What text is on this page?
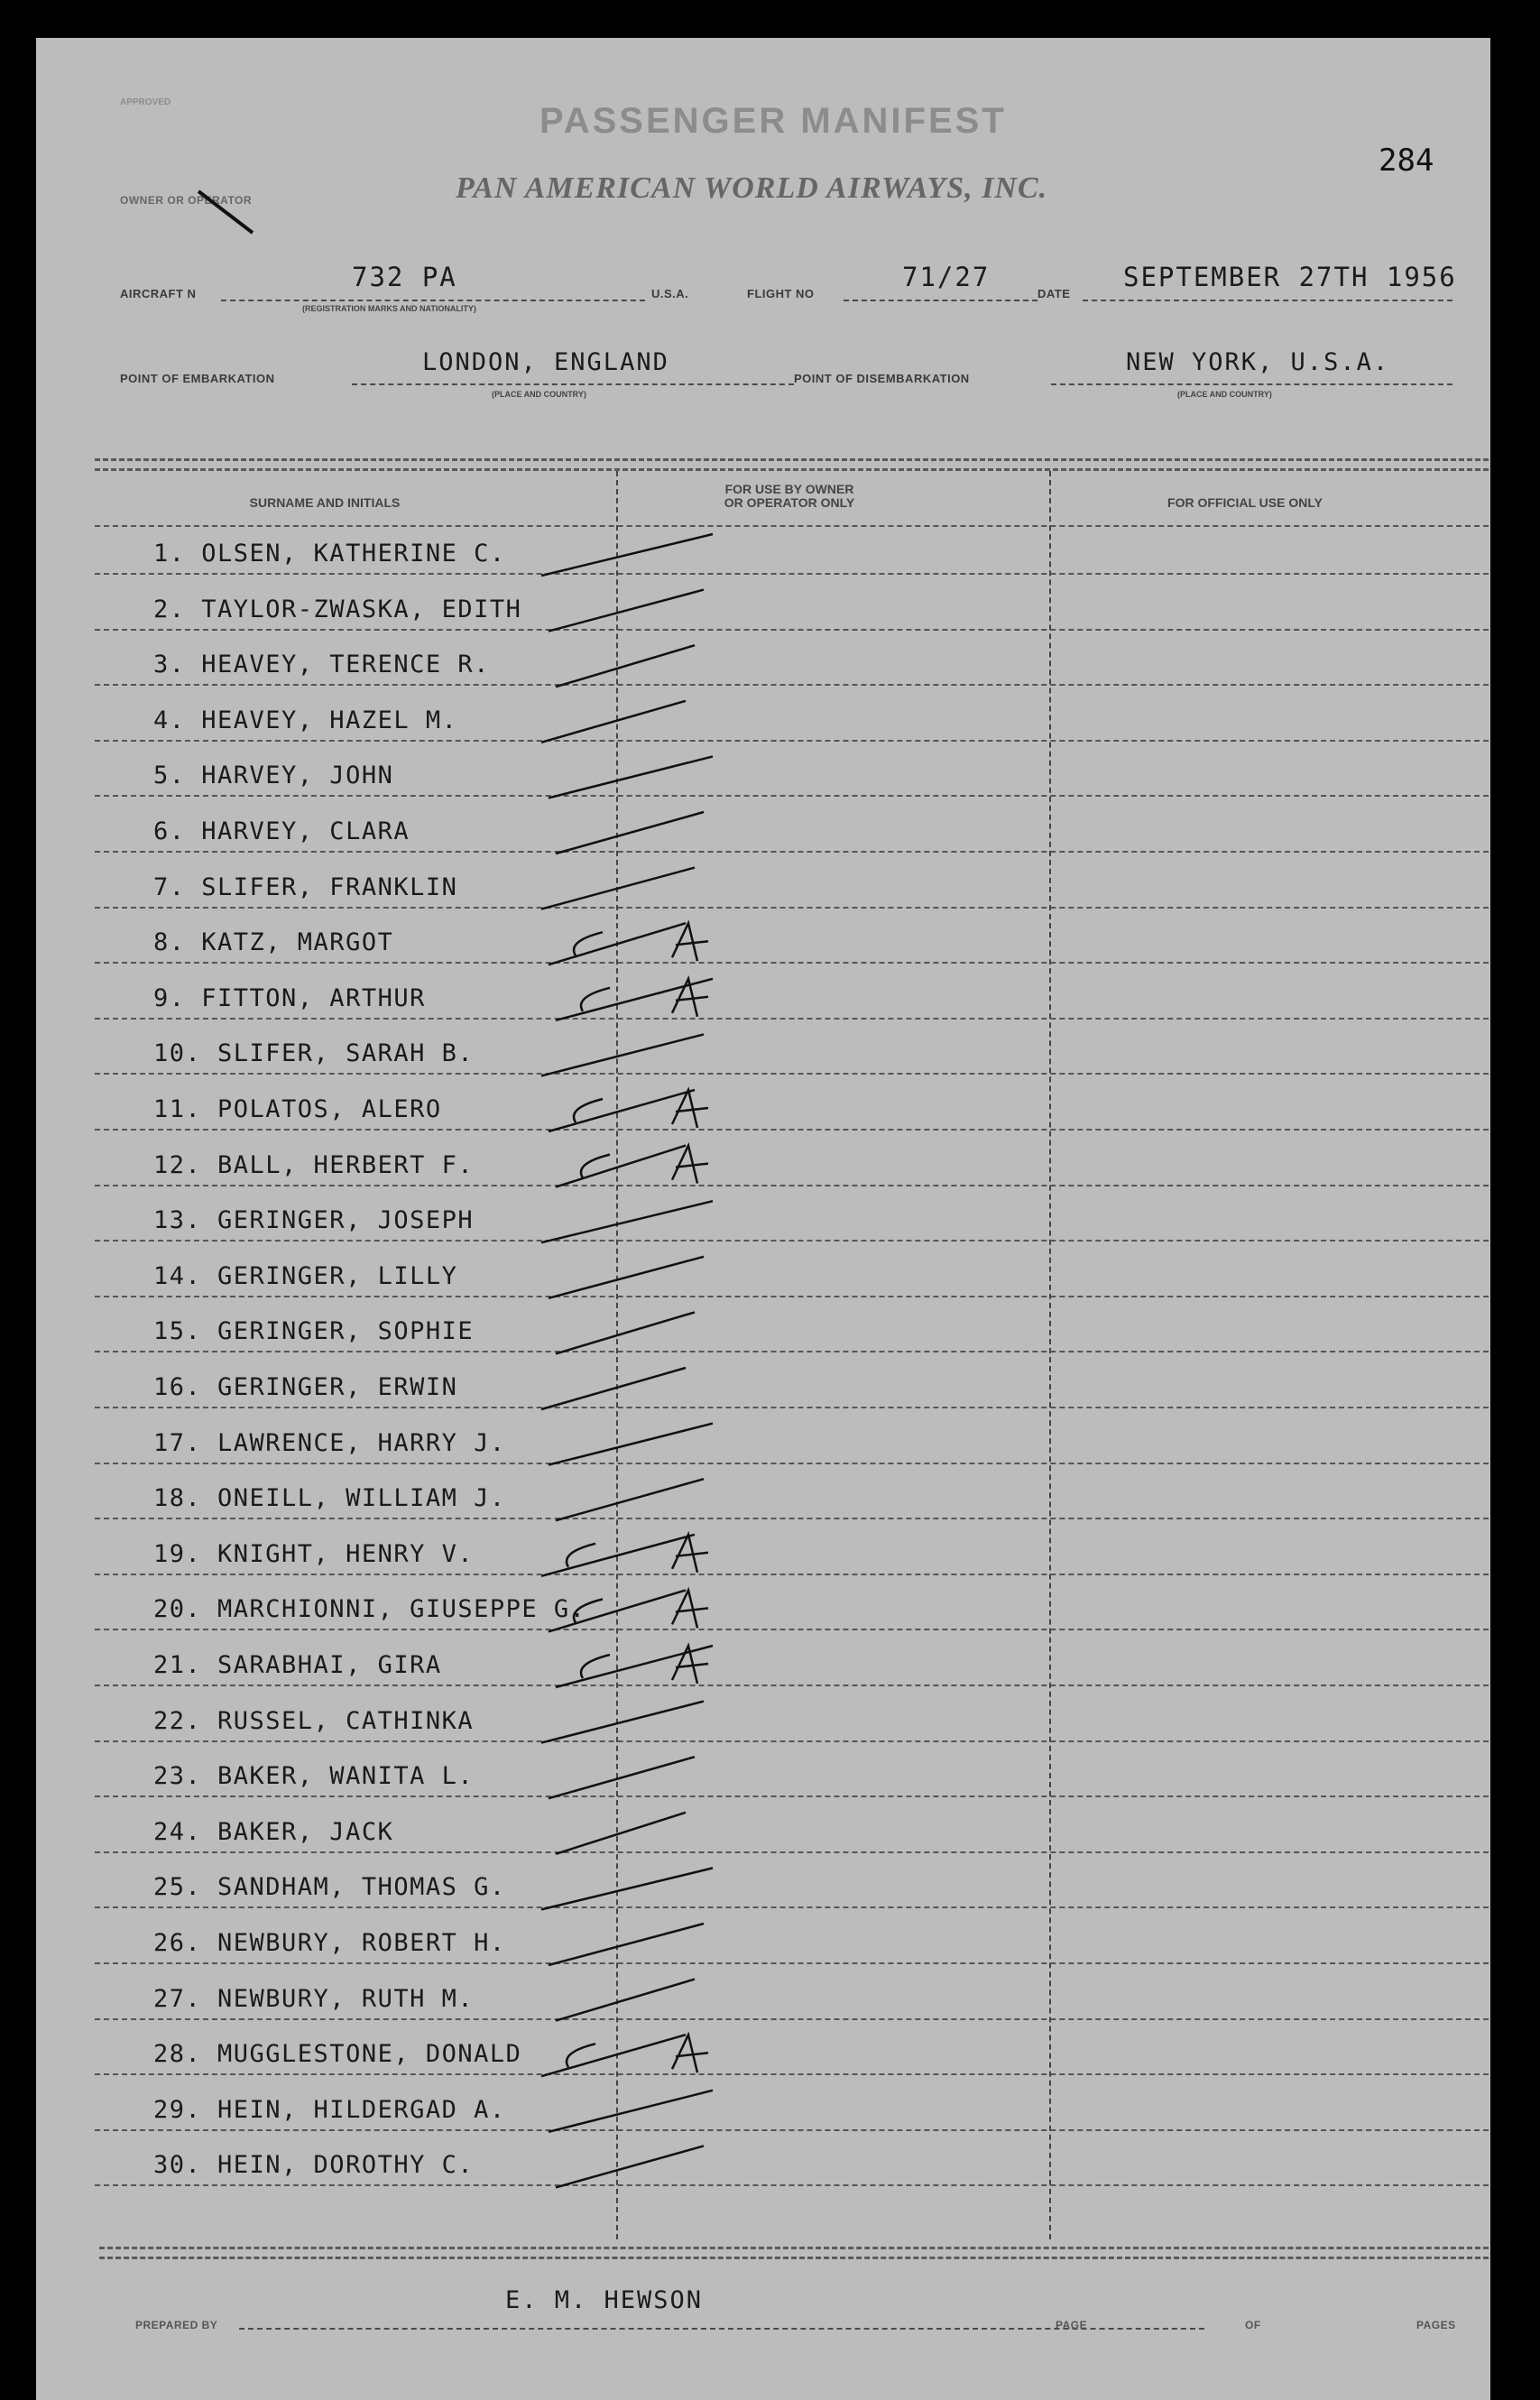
APPROVED	PASSENGER MANIFEST
PAN AMERICAN WORLD AIRWAYS, INC.
284
OWNER OR OPERATOR
AIRCRAFT N
732 PA
(REGISTRATION MARKS AND NATIONALITY)
U.S.A.	FLIGHT NO
71/27
DATE
SEPTEMBER 27TH 1956
POINT OF EMBARKATION
LONDON, ENGLAND
(PLACE AND COUNTRY)
POINT OF DISEMBARKATION
NEW YORK, U.S.A.
(PLACE AND COUNTRY)
SURNAME AND INITIALS
FOR USE BY OWNER
OR OPERATOR ONLY	FOR OFFICIAL USE ONLY
1. OLSEN, KATHERINE C.
2. TAYLOR-ZWASKA, EDITH
3. HEAVEY, TERENCE R.
4. HEAVEY, HAZEL M.
5. HARVEY, JOHN
6. HARVEY, CLARA
7. SLIFER, FRANKLIN
8. KATZ, MARGOT
9. FITTON, ARTHUR
10. SLIFER, SARAH B.
11. POLATOS, ALERO
12. BALL, HERBERT F.
13. GERINGER, JOSEPH
14. GERINGER, LILLY
15. GERINGER, SOPHIE
16. GERINGER, ERWIN
17. LAWRENCE, HARRY J.
18. ONEILL, WILLIAM J.
19. KNIGHT, HENRY V.
20. MARCHIONNI, GIUSEPPE G.
21. SARABHAI, GIRA
22. RUSSEL, CATHINKA
23. BAKER, WANITA L.
24. BAKER, JACK
25. SANDHAM, THOMAS G.
26. NEWBURY, ROBERT H.
27. NEWBURY, RUTH M.
28. MUGGLESTONE, DONALD
29. HEIN, HILDERGAD A.
30. HEIN, DOROTHY C.
PREPARED BY
E. M. HEWSON
PAGE	OF	PAGES
